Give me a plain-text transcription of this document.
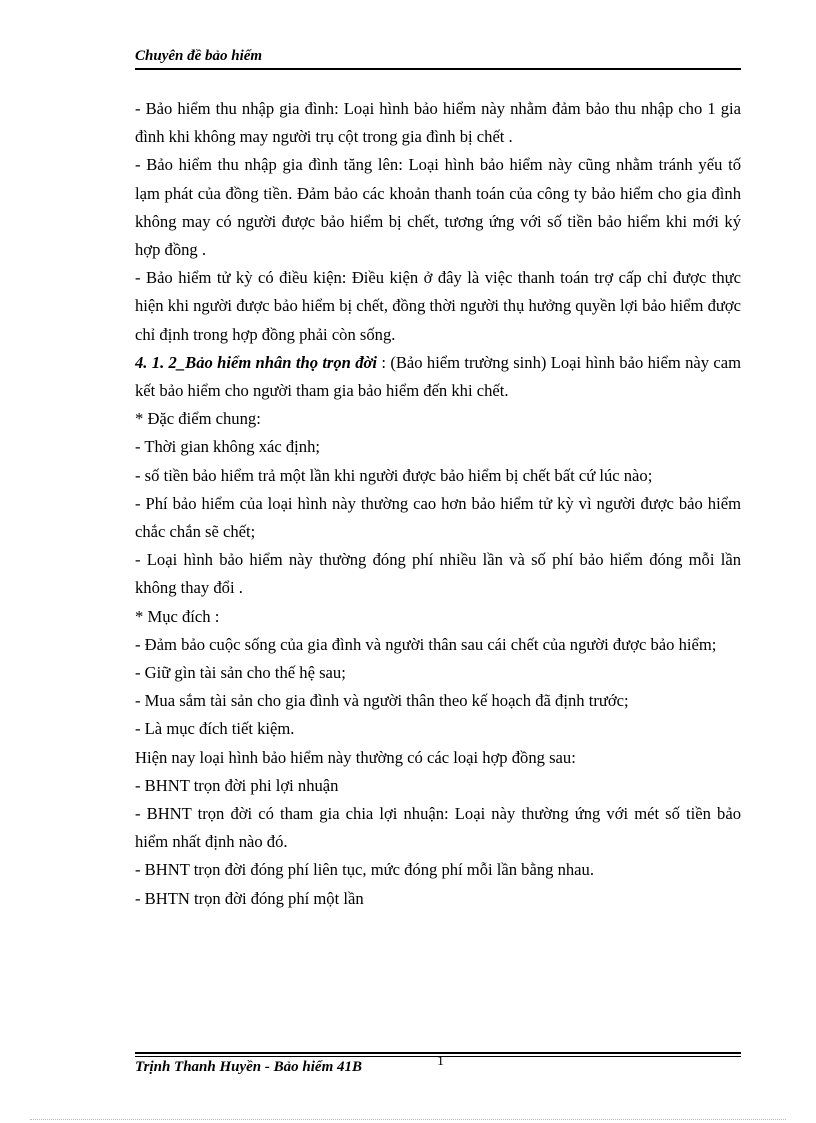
Chuyên đề bảo hiểm

- Bảo hiểm thu nhập gia đình: Loại hình bảo hiểm này nhằm đảm bảo thu nhập cho 1 gia đình khi không may người trụ cột trong gia đình bị chết .

- Bảo hiểm thu nhập gia đình tăng lên: Loại hình bảo hiểm này cũng nhằm tránh yếu tố lạm phát của đồng tiền. Đảm bảo các khoản thanh toán của công ty bảo hiểm cho gia đình không may có người được bảo hiểm bị chết, tương ứng với số tiền bảo hiểm khi mới ký hợp đồng .

- Bảo hiểm tử kỳ có điều kiện: Điều kiện ở đây là việc thanh toán trợ cấp chỉ được thực hiện khi người được bảo hiểm bị chết, đồng thời người thụ hưởng quyền lợi bảo hiểm được chỉ định trong hợp đồng phải còn sống.

4. 1. 2_Bảo hiểm nhân thọ trọn đời : (Bảo hiểm trường sinh) Loại hình bảo hiểm này cam kết bảo hiểm cho người tham gia bảo hiểm đến khi chết.

* Đặc điểm chung:

- Thời gian không xác định;

- số tiền bảo hiểm trả một lần khi người được bảo hiểm bị chết bất cứ lúc nào;

- Phí bảo hiểm của loại hình này thường cao hơn bảo hiểm tử kỳ vì người được bảo hiểm chắc chắn sẽ chết;

- Loại hình bảo hiểm này thường đóng phí nhiều lần và số phí bảo hiểm đóng mỗi lần không thay đổi .

* Mục đích :

- Đảm bảo cuộc sống của gia đình và người thân sau cái chết của người được bảo hiểm;

- Giữ gìn tài sản cho thế hệ sau;

- Mua sắm tài sản cho gia đình và người thân theo kế hoạch đã định trước;

- Là mục đích tiết kiệm.

Hiện nay loại hình bảo hiểm này thường có các loại hợp đồng sau:

- BHNT trọn đời phi lợi nhuận

- BHNT trọn đời có tham gia chia lợi nhuận: Loại này thường ứng với mét số tiền bảo hiểm nhất định nào đó.

- BHNT trọn đời đóng phí liên tục, mức đóng phí mỗi lần bằng nhau.

- BHTN trọn đời đóng phí một lần

Trịnh Thanh Huyền - Bảo hiểm 41B	1
